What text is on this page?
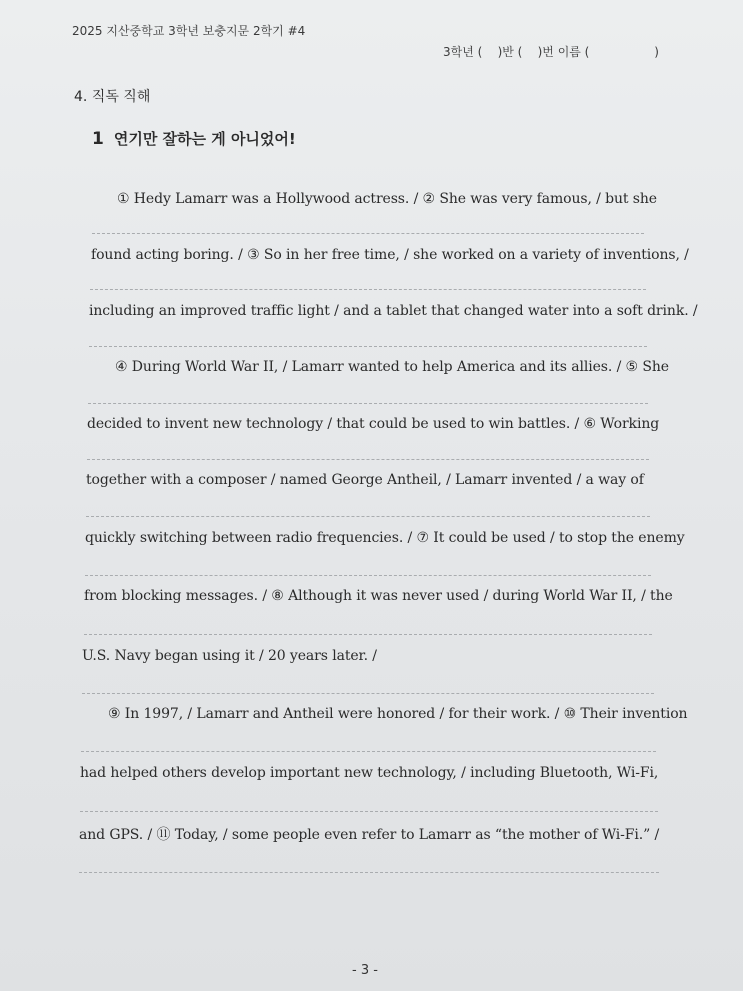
2025 지산중학교 3학년 보충지문 2학기 #4
3학년 (    )반 (    )번 이름 (                 )
4. 직독 직해
1 연기만 잘하는 게 아니었어!
① Hedy Lamarr was a Hollywood actress. / ② She was very famous, / but she
found acting boring. / ③ So in her free time, / she worked on a variety of inventions, /
including an improved traffic light / and a tablet that changed water into a soft drink. /
④ During World War II, / Lamarr wanted to help America and its allies. / ⑤ She
decided to invent new technology / that could be used to win battles. / ⑥ Working
together with a composer / named George Antheil, / Lamarr invented / a way of
quickly switching between radio frequencies. / ⑦ It could be used / to stop the enemy
from blocking messages. / ⑧ Although it was never used / during World War II, / the
U.S. Navy began using it / 20 years later. /
⑨ In 1997, / Lamarr and Antheil were honored / for their work. / ⑩ Their invention
had helped others develop important new technology, / including Bluetooth, Wi-Fi,
and GPS. / ⑪ Today, / some people even refer to Lamarr as “the mother of Wi-Fi.” /
- 3 -
